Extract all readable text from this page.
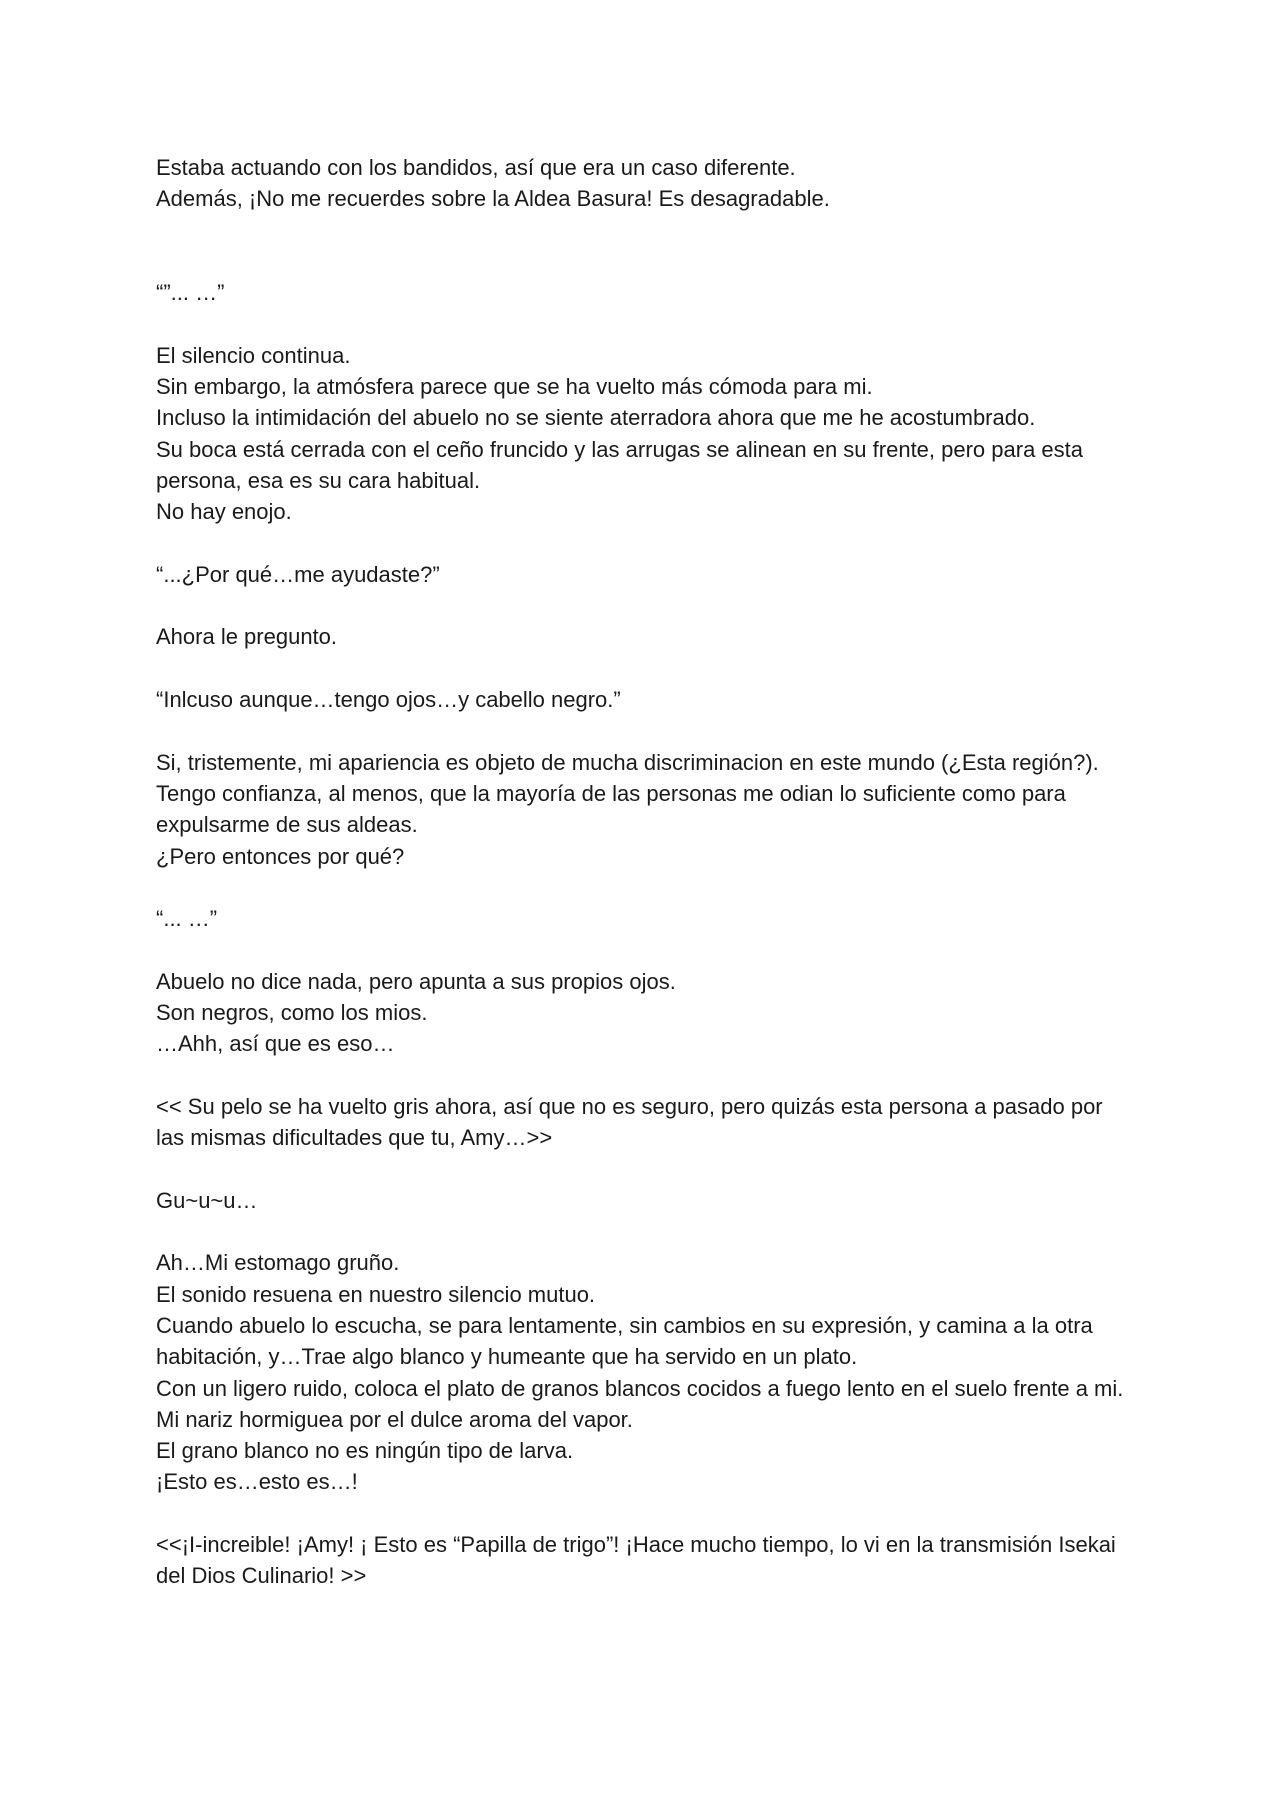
Estaba actuando con los bandidos, así que era un caso diferente.
Además, ¡No me recuerdes sobre la Aldea Basura! Es desagradable.
“”... …”
El silencio continua.
Sin embargo, la atmósfera parece que se ha vuelto más cómoda para mi.
Incluso la intimidación del abuelo no se siente aterradora ahora que me he acostumbrado.
Su boca está cerrada con el ceño fruncido y las arrugas se alinean en su frente, pero para esta persona, esa es su cara habitual.
No hay enojo.
“...¿Por qué…me ayudaste?”
Ahora le pregunto.
“Inlcuso aunque…tengo ojos…y cabello negro.”
Si, tristemente, mi apariencia es objeto de mucha discriminacion en este mundo (¿Esta región?).
Tengo confianza, al menos, que la mayoría de las personas me odian lo suficiente como para expulsarme de sus aldeas.
¿Pero entonces por qué?
“... …”
Abuelo no dice nada, pero apunta a sus propios ojos.
Son negros, como los mios.
…Ahh, así que es eso…
<< Su pelo se ha vuelto gris ahora, así que no es seguro, pero quizás esta persona a pasado por las mismas dificultades que tu, Amy…>>
Gu~u~u…
Ah…Mi estomago gruño.
El sonido resuena en nuestro silencio mutuo.
Cuando abuelo lo escucha, se para lentamente, sin cambios en su expresión, y camina a la otra habitación, y…Trae algo blanco y humeante que ha servido en un plato.
Con un ligero ruido, coloca el plato de granos blancos cocidos a fuego lento en el suelo frente a mi.
Mi nariz hormiguea por el dulce aroma del vapor.
El grano blanco no es ningún tipo de larva.
¡Esto es…esto es…!
<<¡I-increible! ¡Amy! ¡ Esto es “Papilla de trigo”! ¡Hace mucho tiempo, lo vi en la transmisión Isekai del Dios Culinario! >>
